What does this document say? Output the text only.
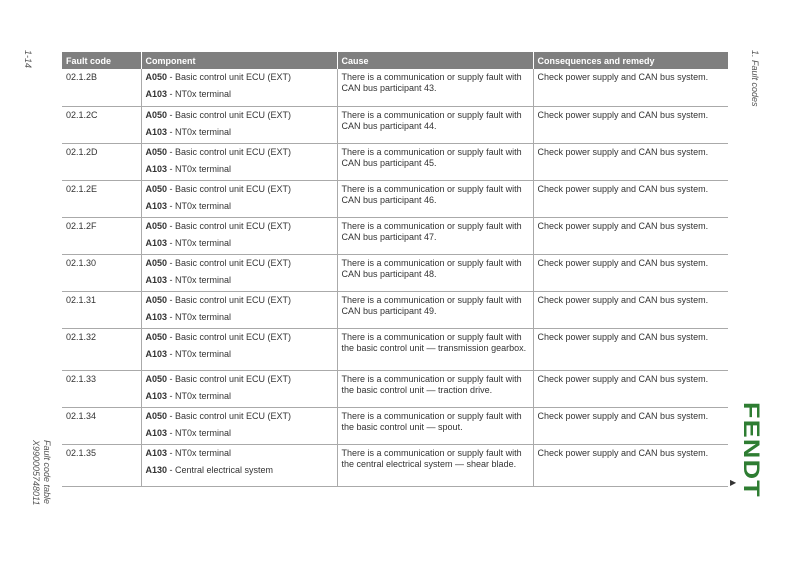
1-14
Fault code table
X990005748011
1. Fault codes
FENDT
▶
Fault code	Component	Cause	Consequences and remedy
02.1.2B	A050 - Basic control unit ECU (EXT)
A103 - NT0x terminal	There is a communication or supply fault with CAN bus participant 43.	Check power supply and CAN bus system.
02.1.2C	A050 - Basic control unit ECU (EXT)
A103 - NT0x terminal	There is a communication or supply fault with CAN bus participant 44.	Check power supply and CAN bus system.
02.1.2D	A050 - Basic control unit ECU (EXT)
A103 - NT0x terminal	There is a communication or supply fault with CAN bus participant 45.	Check power supply and CAN bus system.
02.1.2E	A050 - Basic control unit ECU (EXT)
A103 - NT0x terminal	There is a communication or supply fault with CAN bus participant 46.	Check power supply and CAN bus system.
02.1.2F	A050 - Basic control unit ECU (EXT)
A103 - NT0x terminal	There is a communication or supply fault with CAN bus participant 47.	Check power supply and CAN bus system.
02.1.30	A050 - Basic control unit ECU (EXT)
A103 - NT0x terminal	There is a communication or supply fault with CAN bus participant 48.	Check power supply and CAN bus system.
02.1.31	A050 - Basic control unit ECU (EXT)
A103 - NT0x terminal	There is a communication or supply fault with CAN bus participant 49.	Check power supply and CAN bus system.
02.1.32	A050 - Basic control unit ECU (EXT)
A103 - NT0x terminal	There is a communication or supply fault with the basic control unit — transmission gearbox.	Check power supply and CAN bus system.
02.1.33	A050 - Basic control unit ECU (EXT)
A103 - NT0x terminal	There is a communication or supply fault with the basic control unit — traction drive.	Check power supply and CAN bus system.
02.1.34	A050 - Basic control unit ECU (EXT)
A103 - NT0x terminal	There is a communication or supply fault with the basic control unit — spout.	Check power supply and CAN bus system.
02.1.35	A103 - NT0x terminal
A130 - Central electrical system	There is a communication or supply fault with the central electrical system — shear blade.	Check power supply and CAN bus system.
